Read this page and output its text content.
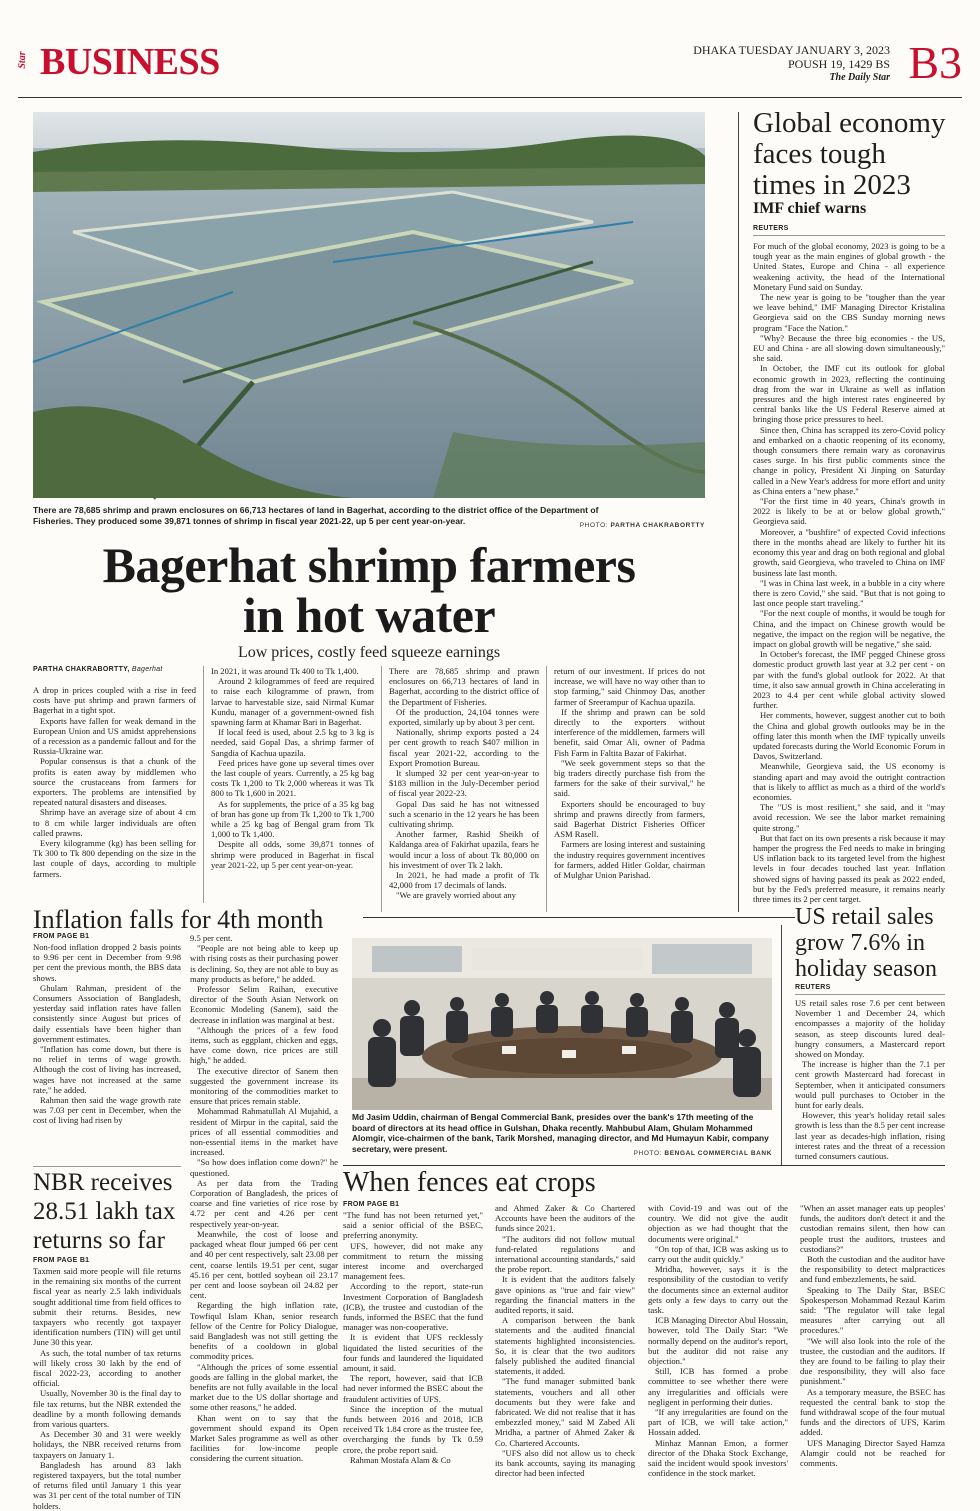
Star BUSINESS	DHAKA TUESDAY JANUARY 3, 2023
POUSH 19, 1429 BS
The Daily Star B3
There are 78,685 shrimp and prawn enclosures on 66,713 hectares of land in Bagerhat, according to the district office of the Department of Fisheries. They produced some 39,871 tonnes of shrimp in fiscal year 2021-22, up 5 per cent year-on-year.	PHOTO: PARTHA CHAKRABORTTY
Bagerhat shrimp farmers
in hot water
Low prices, costly feed squeeze earnings
PARTHA CHAKRABORTTY, Bagerhat

A drop in prices coupled with a rise in feed costs have put shrimp and prawn farmers of Bagerhat in a tight spot.

Exports have fallen for weak demand in the European Union and US amidst apprehensions of a recession as a pandemic fallout and for the Russia-Ukraine war.

Popular consensus is that a chunk of the profits is eaten away by middlemen who source the crustaceans from farmers for exporters. The problems are intensified by repeated natural disasters and diseases.

Shrimp have an average size of about 4 cm to 8 cm while larger individuals are often called prawns.

Every kilogramme (kg) has been selling for Tk 300 to Tk 800 depending on the size in the last couple of days, according to multiple farmers.

In 2021, it was around Tk 400 to Tk 1,400.

Around 2 kilogrammes of feed are required to raise each kilogramme of prawn, from larvae to harvestable size, said Nirmal Kumar Kundu, manager of a government-owned fish spawning farm at Khamar Bari in Bagerhat.

If local feed is used, about 2.5 kg to 3 kg is needed, said Gopal Das, a shrimp farmer of Sangdia of Kachua upazila.

Feed prices have gone up several times over the last couple of years. Currently, a 25 kg bag costs Tk 1,200 to Tk 2,000 whereas it was Tk 800 to Tk 1,600 in 2021.

As for supplements, the price of a 35 kg bag of bran has gone up from Tk 1,200 to Tk 1,700 while a 25 kg bag of Bengal gram from Tk 1,000 to Tk 1,400.

Despite all odds, some 39,871 tonnes of shrimp were produced in Bagerhat in fiscal year 2021-22, up 5 per cent year-on-year.

There are 78,685 shrimp and prawn enclosures on 66,713 hectares of land in Bagerhat, according to the district office of the Department of Fisheries.

Of the production, 24,104 tonnes were exported, similarly up by about 3 per cent.

Nationally, shrimp exports posted a 24 per cent growth to reach $407 million in fiscal year 2021-22, according to the Export Promotion Bureau.

It slumped 32 per cent year-on-year to $183 million in the July-December period of fiscal year 2022-23.

Gopal Das said he has not witnessed such a scenario in the 12 years he has been cultivating shrimp.

Another farmer, Rashid Sheikh of Kaldanga area of Fakirhat upazila, fears he would incur a loss of about Tk 80,000 on his investment of over Tk 2 lakh.

In 2021, he had made a profit of Tk 42,000 from 17 decimals of lands.

"We are gravely worried about any

return of our investment. If prices do not increase, we will have no way other than to stop farming," said Chinmoy Das, another farmer of Sreerampur of Kachua upazila.

If the shrimp and prawn can be sold directly to the exporters without interference of the middlemen, farmers will benefit, said Omar Ali, owner of Padma Fish Farm in Faltita Bazar of Fakirhat.

"We seek government steps so that the big traders directly purchase fish from the farmers for the sake of their survival," he said.

Exporters should be encouraged to buy shrimp and prawns directly from farmers, said Bagerhat District Fisheries Officer ASM Rasell.

Farmers are losing interest and sustaining the industry requires government incentives for farmers, added Hitler Goldar, chairman of Mulghar Union Parishad.

Global economy faces tough times in 2023
IMF chief warns
REUTERS

For much of the global economy, 2023 is going to be a tough year as the main engines of global growth - the United States, Europe and China - all experience weakening activity, the head of the International Monetary Fund said on Sunday.

The new year is going to be "tougher than the year we leave behind," IMF Managing Director Kristalina Georgieva said on the CBS Sunday morning news program "Face the Nation."

"Why? Because the three big economies - the US, EU and China - are all slowing down simultaneously," she said.

In October, the IMF cut its outlook for global economic growth in 2023, reflecting the continuing drag from the war in Ukraine as well as inflation pressures and the high interest rates engineered by central banks like the US Federal Reserve aimed at bringing those price pressures to heel.

Since then, China has scrapped its zero-Covid policy and embarked on a chaotic reopening of its economy, though consumers there remain wary as coronavirus cases surge. In his first public comments since the change in policy, President Xi Jinping on Saturday called in a New Year's address for more effort and unity as China enters a "new phase."

"For the first time in 40 years, China's growth in 2022 is likely to be at or below global growth," Georgieva said.

Moreover, a "bushfire" of expected Covid infections there in the months ahead are likely to further hit its economy this year and drag on both regional and global growth, said Georgieva, who traveled to China on IMF business late last month.

"I was in China last week, in a bubble in a city where there is zero Covid," she said. "But that is not going to last once people start traveling."

"For the next couple of months, it would be tough for China, and the impact on Chinese growth would be negative, the impact on the region will be negative, the impact on global growth will be negative," she said.

In October's forecast, the IMF pegged Chinese gross domestic product growth last year at 3.2 per cent - on par with the fund's global outlook for 2022. At that time, it also saw annual growth in China accelerating in 2023 to 4.4 per cent while global activity slowed further.

Her comments, however, suggest another cut to both the China and global growth outlooks may be in the offing later this month when the IMF typically unveils updated forecasts during the World Economic Forum in Davos, Switzerland.

Meanwhile, Georgieva said, the US economy is standing apart and may avoid the outright contraction that is likely to afflict as much as a third of the world's economies.

The "US is most resilient," she said, and it "may avoid recession. We see the labor market remaining quite strong."

But that fact on its own presents a risk because it may hamper the progress the Fed needs to make in bringing US inflation back to its targeted level from the highest levels in four decades touched last year. Inflation showed signs of having passed its peak as 2022 ended, but by the Fed's preferred measure, it remains nearly three times its 2 per cent target.

Inflation falls for 4th month
FROM PAGE B1

Non-food inflation dropped 2 basis points to 9.96 per cent in December from 9.98 per cent the previous month, the BBS data shows.

Ghulam Rahman, president of the Consumers Association of Bangladesh, yesterday said inflation rates have fallen consistently since August but prices of daily essentials have been higher than government estimates.

"Inflation has come down, but there is no relief in terms of wage growth. Although the cost of living has increased, wages have not increased at the same rate," he added.

Rahman then said the wage growth rate was 7.03 per cent in December, when the cost of living had risen by

9.5 per cent.

"People are not being able to keep up with rising costs as their purchasing power is declining. So, they are not able to buy as many products as before," he added.

Professor Selim Raihan, executive director of the South Asian Network on Economic Modeling (Sanem), said the decrease in inflation was marginal at best.

"Although the prices of a few food items, such as eggplant, chicken and eggs, have come down, rice prices are still high," he added.

The executive director of Sanem then suggested the government increase its monitoring of the commodities market to ensure that prices remain stable.

Mohammad Rahmatullah Al Mujahid, a resident of Mirpur in the capital, said the prices of all essential commodities and non-essential items in the market have increased.

"So how does inflation come down?" he questioned.

As per data from the Trading Corporation of Bangladesh, the prices of coarse and fine varieties of rice rose by 4.72 per cent and 4.26 per cent respectively year-on-year.

Meanwhile, the cost of loose and packaged wheat flour jumped 66 per cent and 40 per cent respectively, salt 23.08 per cent, coarse lentils 19.51 per cent, sugar 45.16 per cent, bottled soybean oil 23.17 per cent and loose soybean oil 24.82 per cent.

Regarding the high inflation rate, Towfiqul Islam Khan, senior research fellow of the Centre for Policy Dialogue, said Bangladesh was not still getting the benefits of a cooldown in global commodity prices.

"Although the prices of some essential goods are falling in the global market, the benefits are not fully available in the local market due to the US dollar shortage and some other reasons," he added.

Khan went on to say that the government should expand its Open Market Sales programme as well as other facilities for low-income people considering the current situation.

NBR receives 28.51 lakh tax returns so far
FROM PAGE B1

Taxmen said more people will file returns in the remaining six months of the current fiscal year as nearly 2.5 lakh individuals sought additional time from field offices to submit their returns. Besides, new taxpayers who recently got taxpayer identification numbers (TIN) will get until June 30 this year.

As such, the total number of tax returns will likely cross 30 lakh by the end of fiscal 2022-23, according to another official.

Usually, November 30 is the final day to file tax returns, but the NBR extended the deadline by a month following demands from various quarters.

As December 30 and 31 were weekly holidays, the NBR received returns from taxpayers on January 1.

Bangladesh has around 83 lakh registered taxpayers, but the total number of returns filed until January 1 this year was 31 per cent of the total number of TIN holders.

Md Jasim Uddin, chairman of Bengal Commercial Bank, presides over the bank's 17th meeting of the board of directors at its head office in Gulshan, Dhaka recently. Mahbubul Alam, Ghulam Mohammed Alomgir, vice-chairmen of the bank, Tarik Morshed, managing director, and Md Humayun Kabir, company secretary, were present.	PHOTO: BENGAL COMMERCIAL BANK
US retail sales grow 7.6% in holiday season
REUTERS

US retail sales rose 7.6 per cent between November 1 and December 24, which encompasses a majority of the holiday season, as steep discounts lured deal-hungry consumers, a Mastercard report showed on Monday.

The increase is higher than the 7.1 per cent growth Mastercard had forecast in September, when it anticipated consumers would pull purchases to October in the hunt for early deals.

However, this year's holiday retail sales growth is less than the 8.5 per cent increase last year as decades-high inflation, rising interest rates and the threat of a recession turned consumers cautious.

When fences eat crops
FROM PAGE B1

"The fund has not been returned yet," said a senior official of the BSEC, preferring anonymity.

UFS, however, did not make any commitment to return the missing interest income and overcharged management fees.

According to the report, state-run Investment Corporation of Bangladesh (ICB), the trustee and custodian of the funds, informed the BSEC that the fund manager was non-cooperative.

It is evident that UFS recklessly liquidated the listed securities of the four funds and laundered the liquidated amount, it said.

The report, however, said that ICB had never informed the BSEC about the fraudulent activities of UFS.

Since the inception of the mutual funds between 2016 and 2018, ICB received Tk 1.84 crore as the trustee fee, overcharging the funds by Tk 0.59 crore, the probe report said.

Rahman Mostafa Alam & Co

and Ahmed Zaker & Co Chartered Accounts have been the auditors of the funds since 2021.

"The auditors did not follow mutual fund-related regulations and international accounting standards," said the probe report.

It is evident that the auditors falsely gave opinions as "true and fair view" regarding the financial matters in the audited reports, it said.

A comparison between the bank statements and the audited financial statements highlighted inconsistencies. So, it is clear that the two auditors falsely published the audited financial statements, it added.

"The fund manager submitted bank statements, vouchers and all other documents but they were fake and fabricated. We did not realise that it has embezzled money," said M Zabed Ali Mridha, a partner of Ahmed Zaker & Co. Chartered Accounts.

"UFS also did not allow us to check its bank accounts, saying its managing director had been infected

with Covid-19 and was out of the country. We did not give the audit objection as we had thought that the documents were original."

"On top of that, ICB was asking us to carry out the audit quickly."

Mridha, however, says it is the responsibility of the custodian to verify the documents since an external auditor gets only a few days to carry out the task.

ICB Managing Director Abul Hossain, however, told The Daily Star: "We normally depend on the auditor's report, but the auditor did not raise any objection."

Still, ICB has formed a probe committee to see whether there were any irregularities and officials were negligent in performing their duties.

"If any irregularities are found on the part of ICB, we will take action," Hossain added.

Minhaz Mannan Emon, a former director of the Dhaka Stock Exchange, said the incident would spook investors' confidence in the stock market.

"When an asset manager eats up peoples' funds, the auditors don't detect it and the custodian remains silent, then how can people trust the auditors, trustees and custodians?"

Both the custodian and the auditor have the responsibility to detect malpractices and fund embezzlements, he said.

Speaking to The Daily Star, BSEC Spokesperson Mohammad Rezaul Karim said: "The regulator will take legal measures after carrying out all procedures."

"We will also look into the role of the trustee, the custodian and the auditors. If they are found to be failing to play their due responsibility, they will also face punishment."

As a temporary measure, the BSEC has requested the central bank to stop the fund withdrawal scope of the four mutual funds and the directors of UFS, Karim added.

UFS Managing Director Sayed Hamza Alamgir could not be reached for comments.
